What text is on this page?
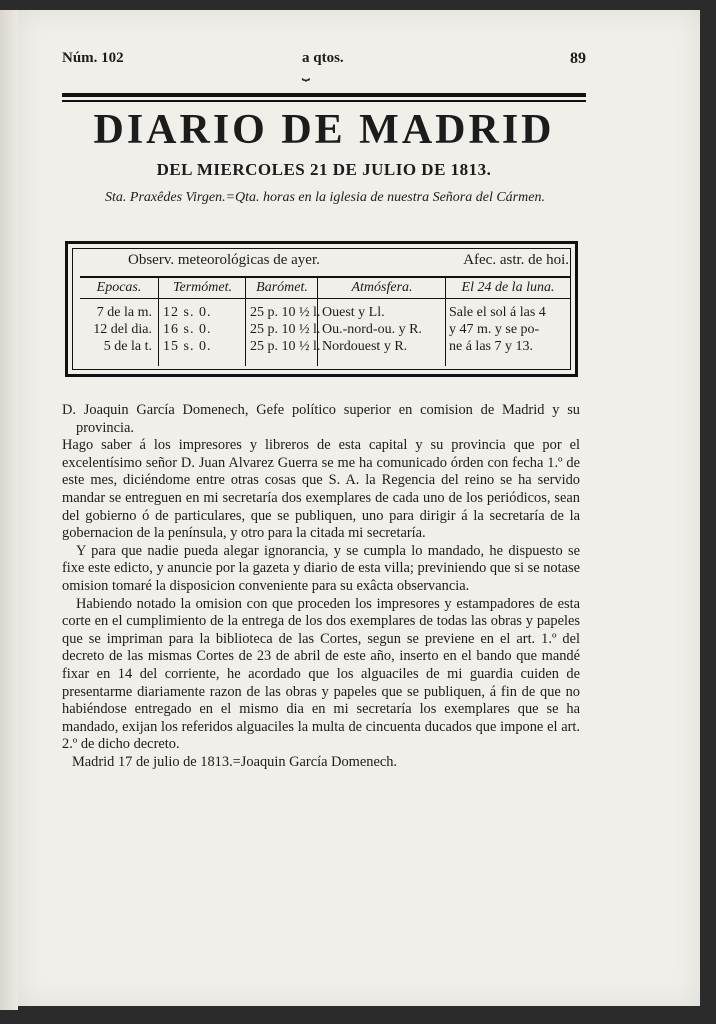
Núm. 102	a qtos.
⏟
89
DIARIO DE MADRID
DEL MIERCOLES 21 DE JULIO DE 1813.
Sta. Praxêdes Virgen.=Qta. horas en la iglesia de nuestra Señora del Cármen.
Observ. meteorológicas de ayer.	Afec. astr. de hoi.
Epocas.
7 de la m.
12 del dia.
5 de la t.
Termómet.
12 s. 0.
16 s. 0.
15 s. 0.
Barómet.
25 p. 10 ½ l.
25 p. 10 ½ l.
25 p. 10 ½ l.
Atmósfera.
Ouest y Ll.
Ou.-nord-ou. y R.
Nordouest y R.
El 24 de la luna.
Sale el sol á las 4
y 47 m. y se po-
ne á las 7 y 13.

D. Joaquin García Domenech, Gefe político superior en comision de Madrid y su provincia.

Hago saber á los impresores y libreros de esta capital y su provincia que por el excelentísimo señor D. Juan Alvarez Guerra se me ha comunicado órden con fecha 1.º de este mes, diciéndome entre otras cosas que S. A. la Regencia del reino se ha servido mandar se entreguen en mi secretaría dos exemplares de cada uno de los periódicos, sean del gobierno ó de particulares, que se publiquen, uno para dirigir á la secretaría de la gobernacion de la península, y otro para la citada mi secretaría.

Y para que nadie pueda alegar ignorancia, y se cumpla lo mandado, he dispuesto se fixe este edicto, y anuncie por la gazeta y diario de esta villa; previniendo que si se notase omision tomaré la disposicion conveniente para su exâcta observancia.

Habiendo notado la omision con que proceden los impresores y estampadores de esta corte en el cumplimiento de la entrega de los dos exemplares de todas las obras y papeles que se impriman para la biblioteca de las Cortes, segun se previene en el art. 1.º del decreto de las mismas Cortes de 23 de abril de este año, inserto en el bando que mandé fixar en 14 del corriente, he acordado que los alguaciles de mi guardia cuiden de presentarme diariamente razon de las obras y papeles que se publiquen, á fin de que no habiéndose entregado en el mismo dia en mi secretaría los exemplares que se ha mandado, exijan los referidos alguaciles la multa de cincuenta ducados que impone el art. 2.º de dicho decreto.

Madrid 17 de julio de 1813.=Joaquin García Domenech.
